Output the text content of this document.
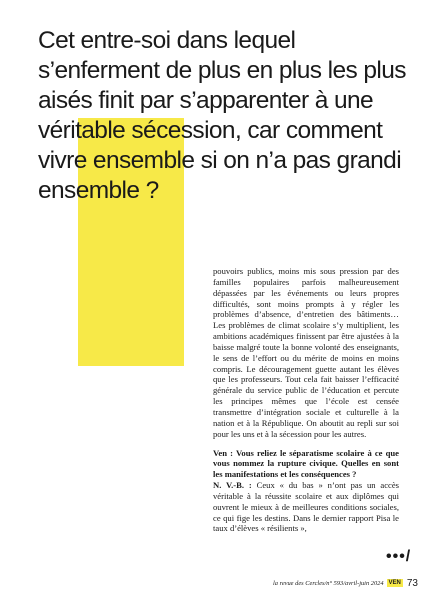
Cet entre-soi dans lequel s’enferment de plus en plus les plus aisés finit par s’apparenter à une véritable sécession, car comment vivre ensemble si on n’a pas grandi ensemble ?

pouvoirs publics, moins mis sous pression par des familles populaires parfois malheureusement dépassées par les événements ou leurs propres difficultés, sont moins prompts à y régler les problèmes d’absence, d’entretien des bâtiments… Les problèmes de climat scolaire s’y multiplient, les ambitions académiques finissent par être ajustées à la baisse malgré toute la bonne volonté des enseignants, le sens de l’effort ou du mérite de moins en moins compris. Le découragement guette autant les élèves que les professeurs. Tout cela fait baisser l’efficacité générale du service public de l’éducation et percute les principes mêmes que l’école est censée transmettre d’intégration sociale et culturelle à la nation et à la République. On aboutit au repli sur soi pour les uns et à la sécession pour les autres.

Ven : Vous reliez le séparatisme scolaire à ce que vous nommez la rupture civique. Quelles en sont les manifestations et les conséquences ?

N. V.-B. : Ceux « du bas » n’ont pas un accès véritable à la réussite scolaire et aux diplômes qui ouvrent le mieux à de meilleures conditions sociales, ce qui fige les destins. Dans le dernier rapport Pisa le taux d’élèves « résilients »,

•••/
la revue des Cercles/n° 593/avril-juin 2024 VEN 73
